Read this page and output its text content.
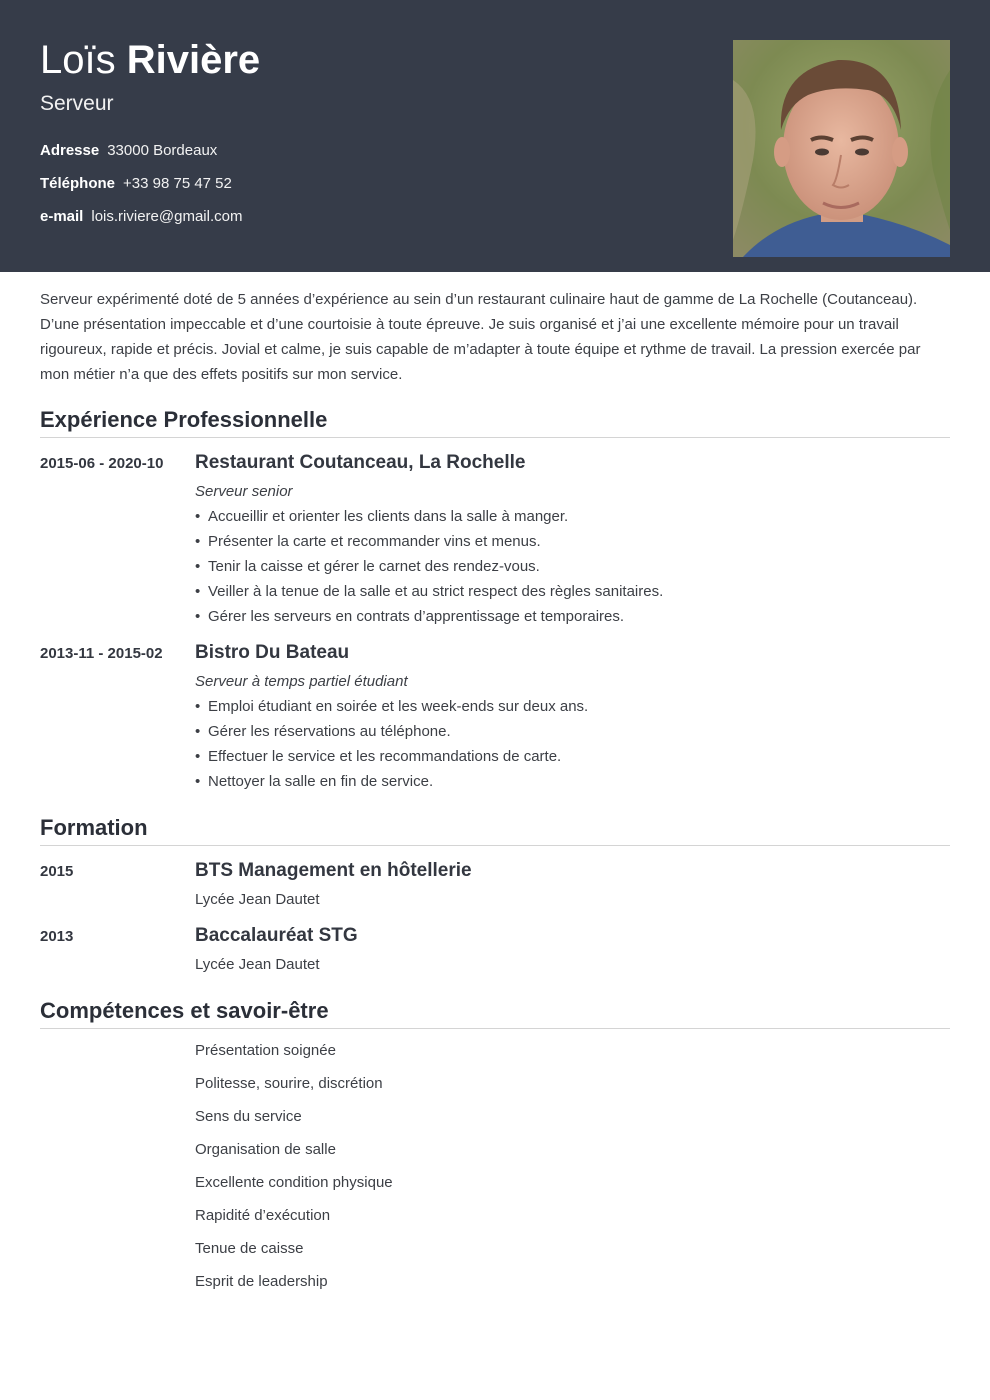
Loïs Rivière
Serveur
Adresse 33000 Bordeaux
Téléphone +33 98 75 47 52
e-mail lois.riviere@gmail.com

Serveur expérimenté doté de 5 années d’expérience au sein d’un restaurant culinaire haut de gamme de La Rochelle (Coutanceau). D’une présentation impeccable et d’une courtoisie à toute épreuve. Je suis organisé et j’ai une excellente mémoire pour un travail rigoureux, rapide et précis. Jovial et calme, je suis capable de m’adapter à toute équipe et rythme de travail. La pression exercée par mon métier n’a que des effets positifs sur mon service.

Expérience Professionnelle
2015-06 - 2020-10 Restaurant Coutanceau, La Rochelle
Serveur senior
• Accueillir et orienter les clients dans la salle à manger.
• Présenter la carte et recommander vins et menus.
• Tenir la caisse et gérer le carnet des rendez-vous.
• Veiller à la tenue de la salle et au strict respect des règles sanitaires.
• Gérer les serveurs en contrats d’apprentissage et temporaires.
2013-11 - 2015-02 Bistro Du Bateau
Serveur à temps partiel étudiant
• Emploi étudiant en soirée et les week-ends sur deux ans.
• Gérer les réservations au téléphone.
• Effectuer le service et les recommandations de carte.
• Nettoyer la salle en fin de service.
Formation
2015	BTS Management en hôtellerie
Lycée Jean Dautet
2013	Baccalauréat STG
Lycée Jean Dautet
Compétences et savoir-être
Présentation soignée
Politesse, sourire, discrétion
Sens du service
Organisation de salle
Excellente condition physique
Rapidité d’exécution
Tenue de caisse
Esprit de leadership
